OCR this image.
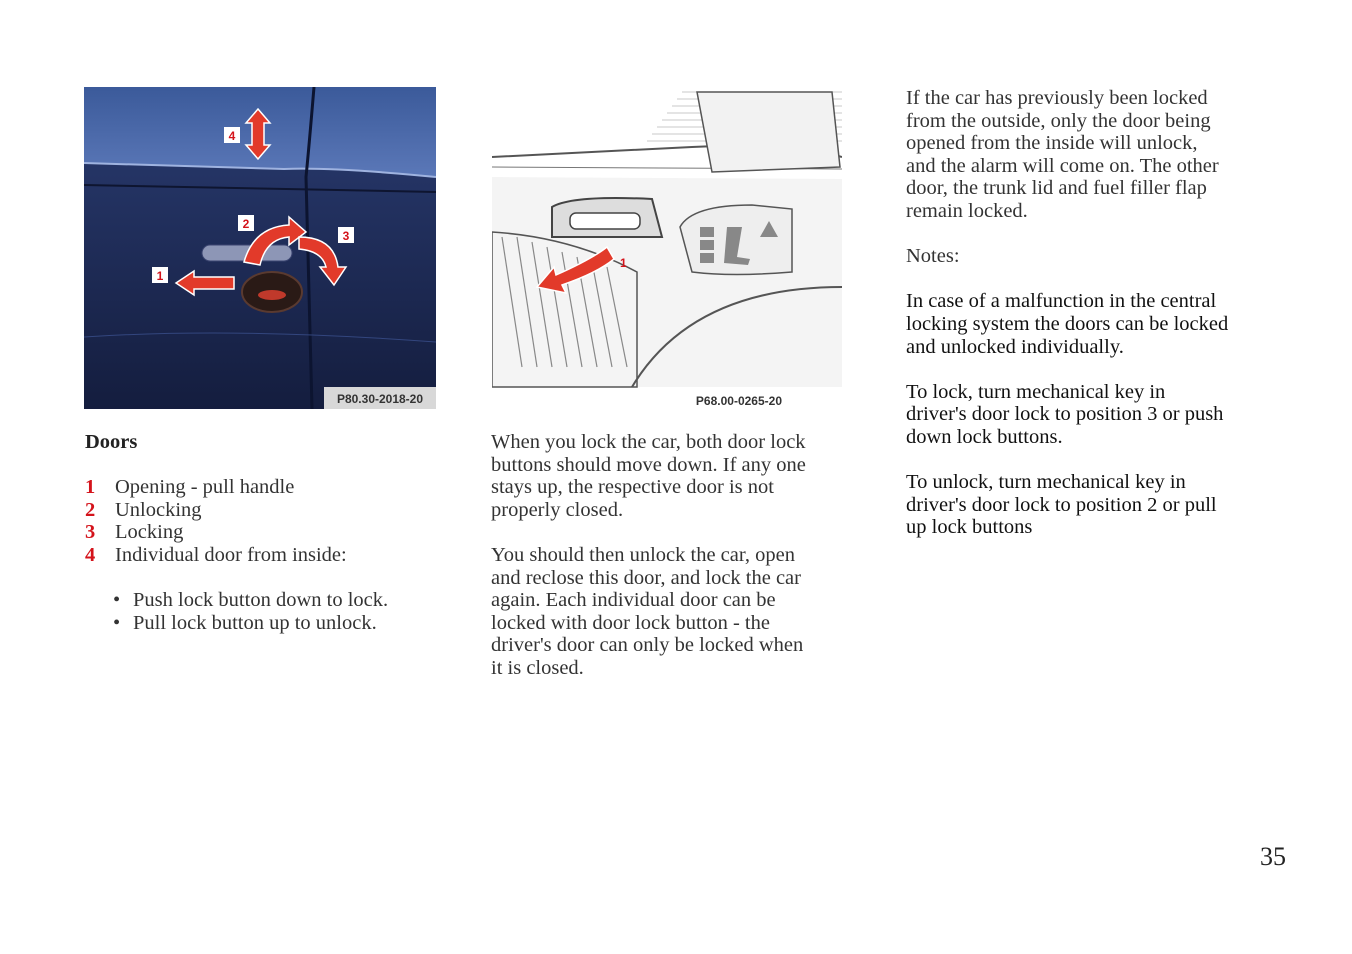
4
2
3
1
P80.30-2018-20
1
P68.00-0265-20

Doors

1 Opening - pull handle

2 Unlocking

3 Locking

4 Individual door from inside:

• Push lock button down to lock.

• Pull lock button up to unlock.

When you lock the car, both door lock

buttons should move down. If any one

stays up, the respective door is not

properly closed.

You should then unlock the car, open

and reclose this door, and lock the car

again. Each individual door can be

locked with door lock button - the

driver's door can only be locked when

it is closed.

If the car has previously been locked

from the outside, only the door being

opened from the inside will unlock,

and the alarm will come on. The other

door, the trunk lid and fuel filler flap

remain locked.

Notes:

In case of a malfunction in the central

locking system the doors can be locked

and unlocked individually.

To lock, turn mechanical key in

driver's door lock to position 3 or push

down lock buttons.

To unlock, turn mechanical key in

driver's door lock to position 2 or pull

up lock buttons

35
